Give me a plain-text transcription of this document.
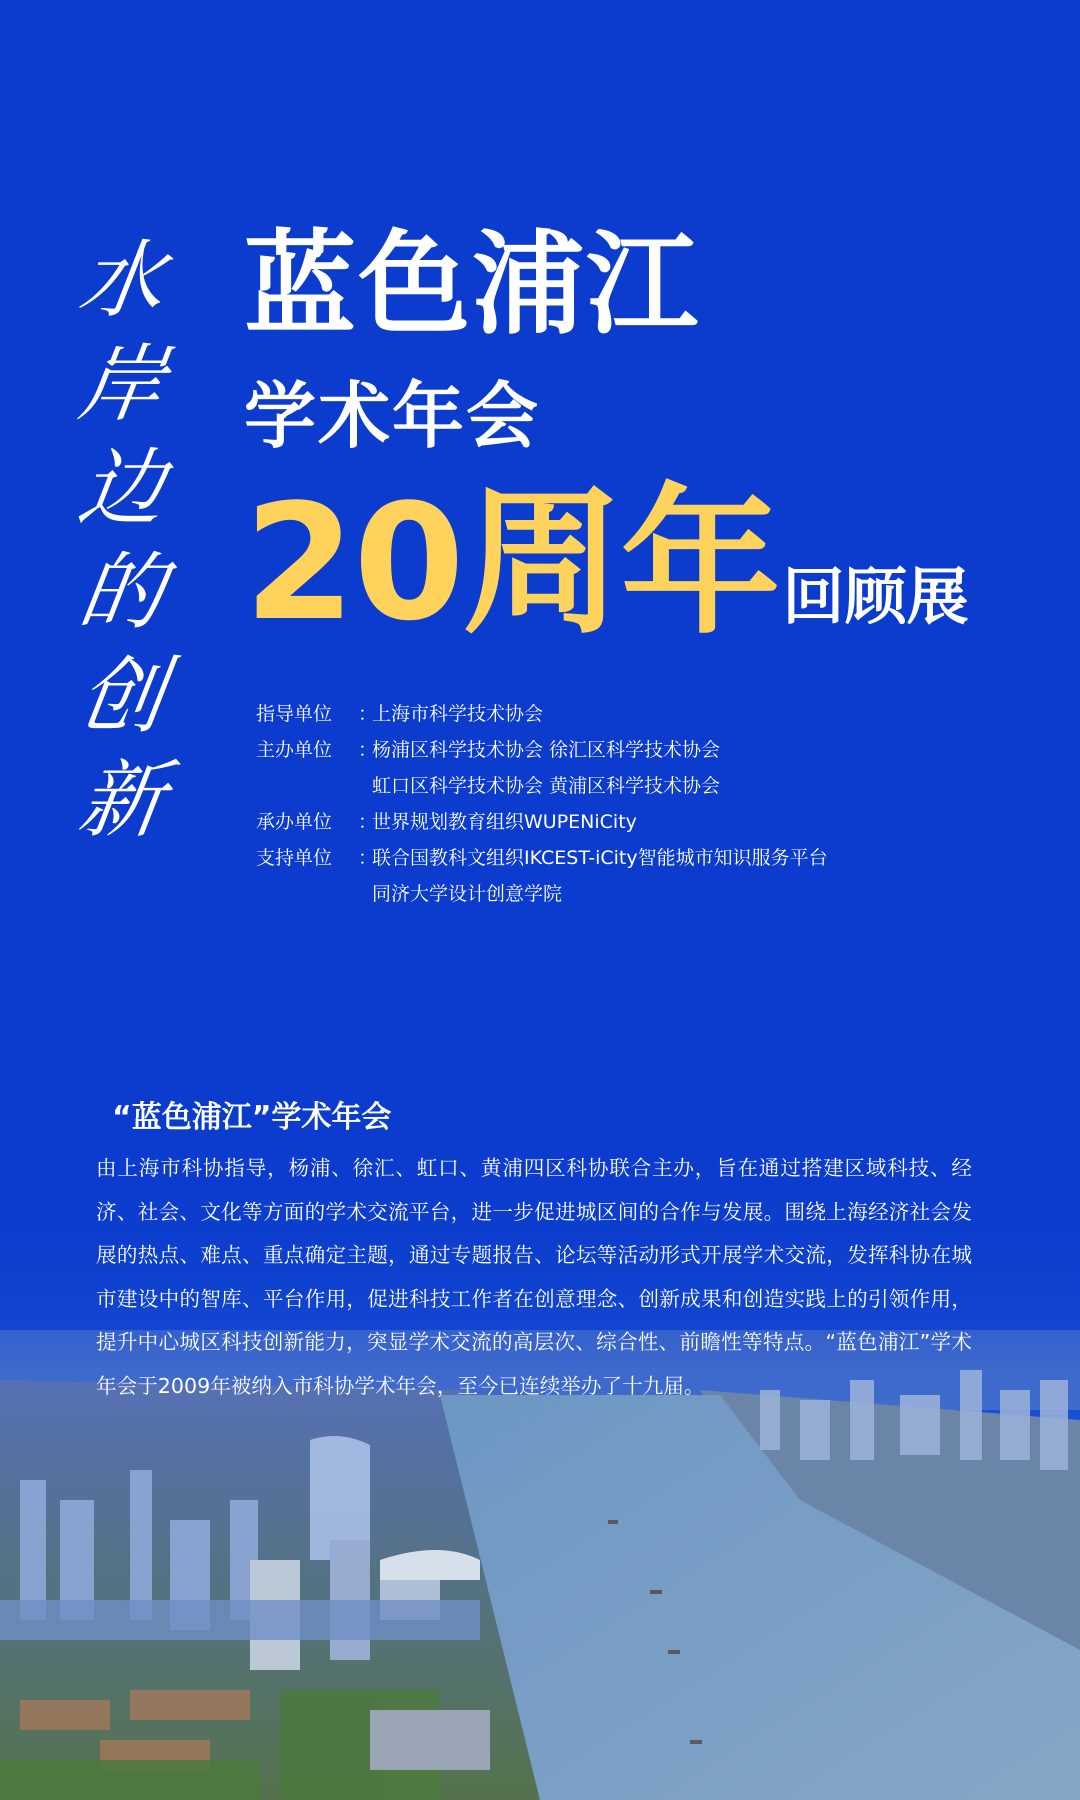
水
岸
边
的
创
新
蓝色浦江
学术年会
20周年回顾展
指导单位	：
上海市科学技术协会
主办单位	：
杨浦区科学技术协会 徐汇区科学技术协会
虹口区科学技术协会 黄浦区科学技术协会
承办单位	：
世界规划教育组织WUPENiCity
支持单位	：
联合国教科文组织IKCEST-iCity智能城市知识服务平台
同济大学设计创意学院
“蓝色浦江”学术年会

由上海市科协指导，杨浦、徐汇、虹口、黄浦四区科协联合主办，旨在通过搭建区域科技、经济、社会、文化等方面的学术交流平台，进一步促进城区间的合作与发展。围绕上海经济社会发展的热点、难点、重点确定主题，通过专题报告、论坛等活动形式开展学术交流，发挥科协在城市建设中的智库、平台作用，促进科技工作者在创意理念、创新成果和创造实践上的引领作用，提升中心城区科技创新能力，突显学术交流的高层次、综合性、前瞻性等特点。“蓝色浦江”学术年会于2009年被纳入市科协学术年会，至今已连续举办了十九届。
